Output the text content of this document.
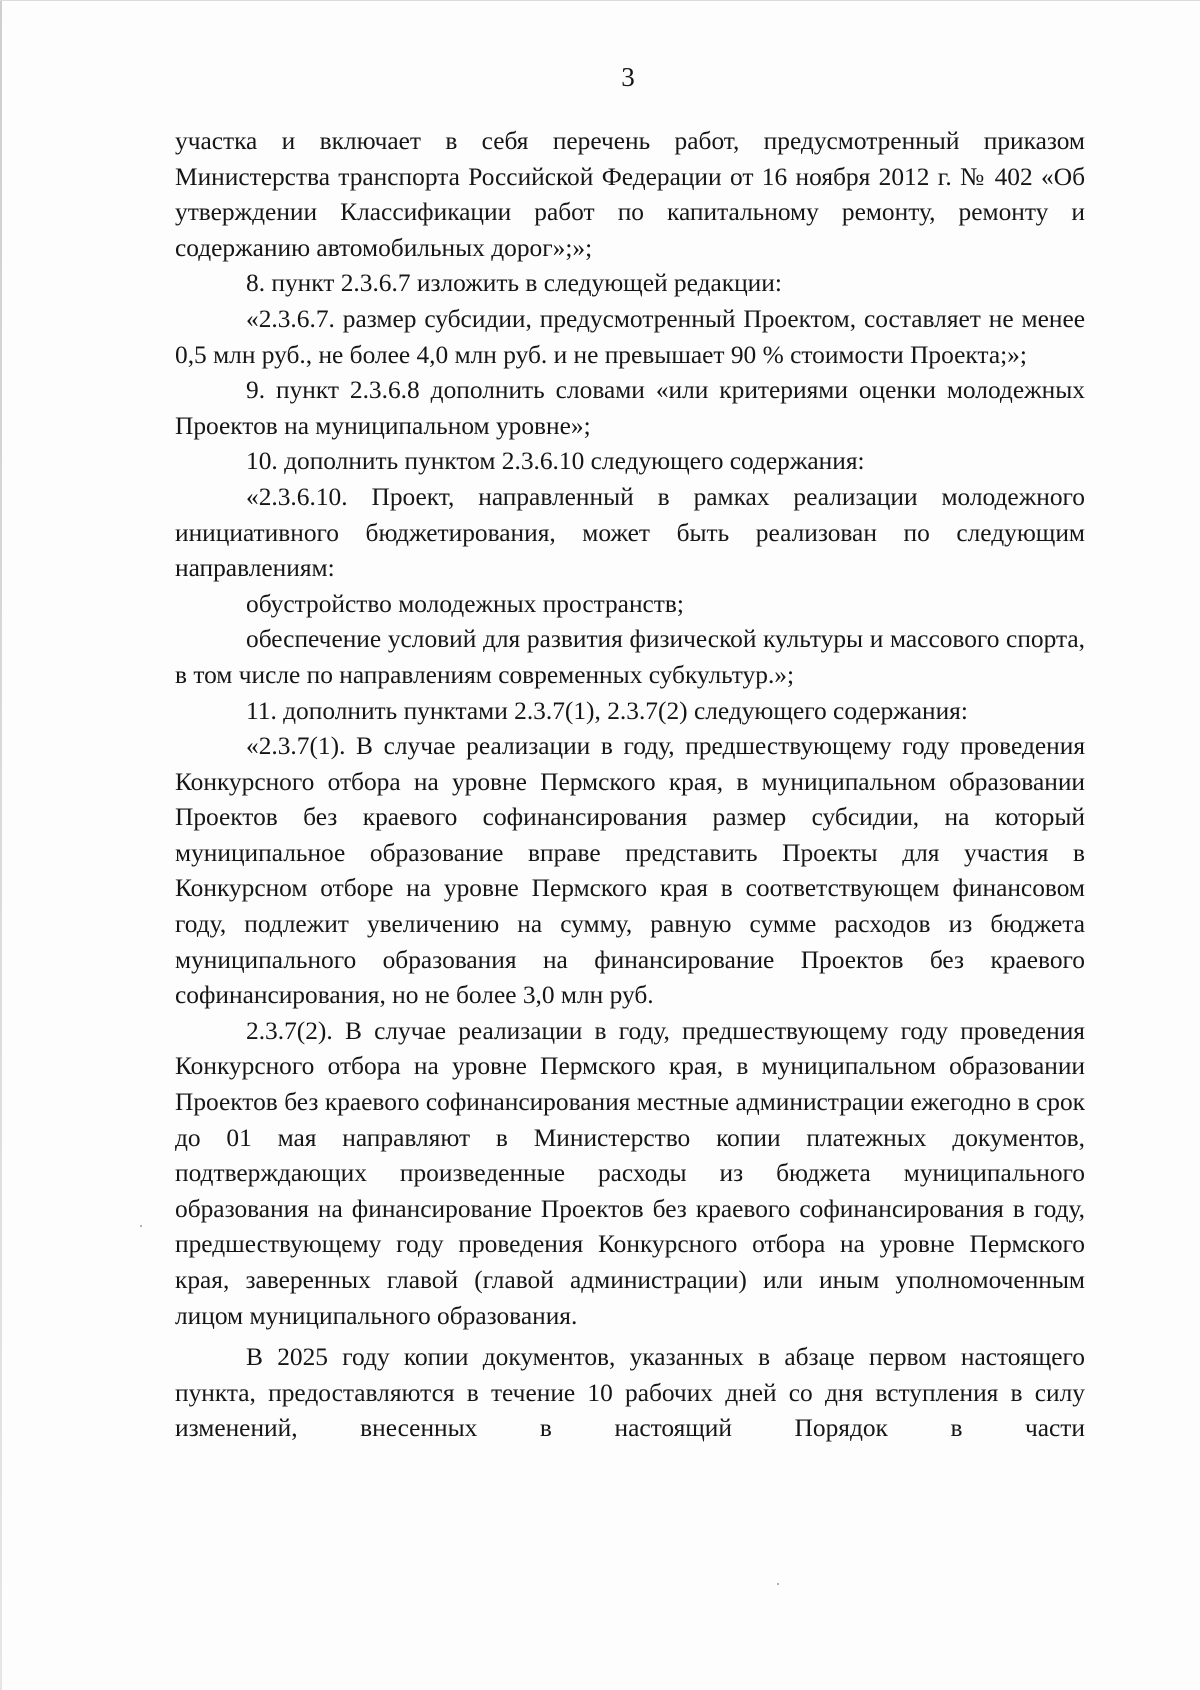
3

участка и включает в себя перечень работ, предусмотренный приказом Министерства транспорта Российской Федерации от 16 ноября 2012 г. № 402 «Об утверждении Классификации работ по капитальному ремонту, ремонту и содержанию автомобильных дорог»;»;

8. пункт 2.3.6.7 изложить в следующей редакции:

«2.3.6.7. размер субсидии, предусмотренный Проектом, составляет не менее 0,5 млн руб., не более 4,0 млн руб. и не превышает 90 % стоимости Проекта;»;

9. пункт 2.3.6.8 дополнить словами «или критериями оценки молодежных Проектов на муниципальном уровне»;

10. дополнить пунктом 2.3.6.10 следующего содержания:

«2.3.6.10. Проект, направленный в рамках реализации молодежного инициативного бюджетирования, может быть реализован по следующим направлениям:

обустройство молодежных пространств;

обеспечение условий для развития физической культуры и массового спорта, в том числе по направлениям современных субкультур.»;

11. дополнить пунктами 2.3.7(1), 2.3.7(2) следующего содержания:

«2.3.7(1). В случае реализации в году, предшествующему году проведения Конкурсного отбора на уровне Пермского края, в муниципальном образовании Проектов без краевого софинансирования размер субсидии, на который муниципальное образование вправе представить Проекты для участия в Конкурсном отборе на уровне Пермского края в соответствующем финансовом году, подлежит увеличению на сумму, равную сумме расходов из бюджета муниципального образования на финансирование Проектов без краевого софинансирования, но не более 3,0 млн руб.

2.3.7(2). В случае реализации в году, предшествующему году проведения Конкурсного отбора на уровне Пермского края, в муниципальном образовании Проектов без краевого софинансирования местные администрации ежегодно в срок до 01 мая направляют в Министерство копии платежных документов, подтверждающих произведенные расходы из бюджета муниципального образования на финансирование Проектов без краевого софинансирования в году, предшествующему году проведения Конкурсного отбора на уровне Пермского края, заверенных главой (главой администрации) или иным уполномоченным лицом муниципального образования.

В 2025 году копии документов, указанных в абзаце первом настоящего пункта, предоставляются в течение 10 рабочих дней со дня вступления в силу изменений, внесенных в настоящий Порядок в части
